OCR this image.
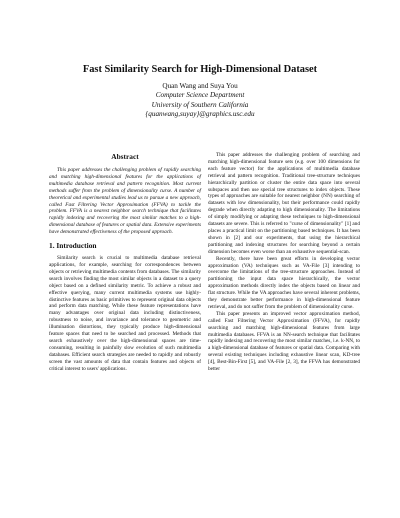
Fast Similarity Search for High-Dimensional Dataset
Quan Wang and Suya You
Computer Science Department
University of Southern California
{quanwang,suyay}@graphics.usc.edu
Abstract

This paper addresses the challenging problem of rapidly searching and matching high-dimensional features for the applications of multimedia database retrieval and pattern recognition. Most current methods suffer from the problem of dimensionality curse. A number of theoretical and experimental studies lead us to pursue a new approach, called Fast Filtering Vector Approximation (FFVA) to tackle the problem. FFVA is a nearest neighbor search technique that facilitates rapidly indexing and recovering the most similar matches to a high-dimensional database of features or spatial data. Extensive experiments have demonstrated effectiveness of the proposed approach.

1. Introduction

Similarity search is crucial to multimedia database retrieval applications, for example, searching for correspondences between objects or retrieving multimedia contents from databases. The similarity search involves finding the most similar objects in a dataset to a query object based on a defined similarity metric. To achieve a robust and effective querying, many current multimedia systems use highly-distinctive features as basic primitives to represent original data objects and perform data matching. While these feature representations have many advantages over original data including distinctiveness, robustness to noise, and invariance and tolerance to geometric and illumination distortions, they typically produce high-dimensional feature spaces that need to be searched and processed. Methods that search exhaustively over the high-dimensional spaces are time-consuming, resulting in painfully slow evolution of such multimedia databases. Efficient search strategies are needed to rapidly and robustly screen the vast amounts of data that contain features and objects of critical interest to users' applications.

This paper addresses the challenging problem of searching and matching high-dimensional feature sets (e.g. over 100 dimensions for each feature vector) for the applications of multimedia database retrieval and pattern recognition. Traditional tree-structure techniques hierarchically partition or cluster the entire data space into several subspaces and then use special tree structures to index objects. These types of approaches are suitable for nearest neighbor (NN) searching of datasets with low dimensionality, but their performance could rapidly degrade when directly adapting to high dimensionality. The limitations of simply modifying or adapting these techniques to high-dimensional datasets are severe. This is referred to "curse of dimensionality" [1] and places a practical limit on the partitioning based techniques. It has been shown in [2] and our experiments, that using the hierarchical partitioning and indexing structures for searching beyond a certain dimension becomes even worse than an exhaustive sequential-scan.

Recently, there have been great efforts in developing vector approximation (VA) techniques such as VA-File [3] intending to overcome the limitations of the tree-structure approaches. Instead of partitioning the input data space hierarchically, the vector approximation methods directly index the objects based on linear and flat structure. While the VA approaches have several inherent problems, they demonstrate better performance in high-dimensional feature retrieval, and do not suffer from the problem of dimensionality curse.

This paper presents an improved vector approximation method, called Fast Filtering Vector Approximation (FFVA), for rapidly searching and matching high-dimensional features from large multimedia databases. FFVA is an NN-search technique that facilitates rapidly indexing and recovering the most similar matches, i.e. k-NN, to a high-dimensional database of features or spatial data. Comparing with several existing techniques including exhaustive linear scan, KD-tree [4], Best-Bin-First [5], and VA-File [2, 3], the FFVA has demonstrated better
